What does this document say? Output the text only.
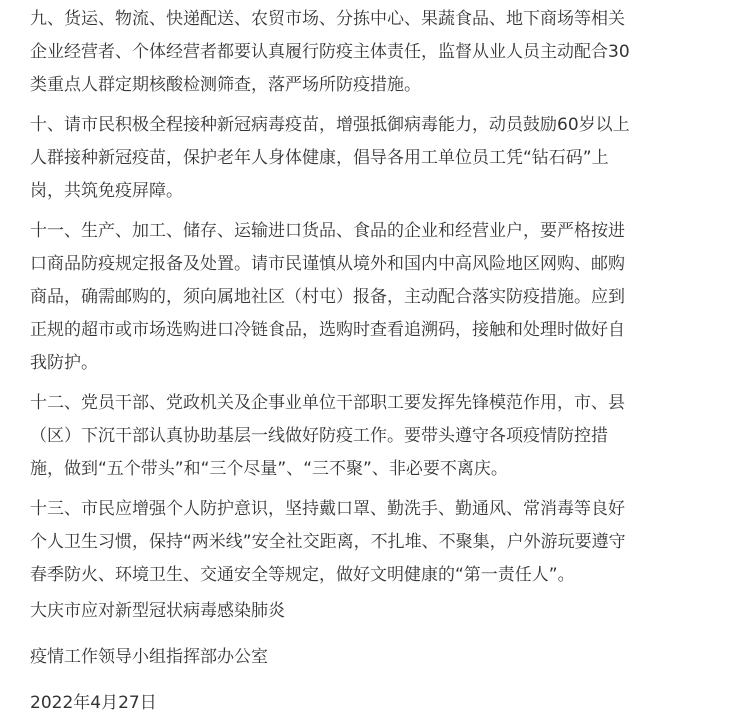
九、货运、物流、快递配送、农贸市场、分拣中心、果蔬食品、地下商场等相关企业经营者、个体经营者都要认真履行防疫主体责任，监督从业人员主动配合30类重点人群定期核酸检测筛查，落严场所防疫措施。

十、请市民积极全程接种新冠病毒疫苗，增强抵御病毒能力，动员鼓励60岁以上人群接种新冠疫苗，保护老年人身体健康，倡导各用工单位员工凭“钻石码”上岗，共筑免疫屏障。

十一、生产、加工、储存、运输进口货品、食品的企业和经营业户，要严格按进口商品防疫规定报备及处置。请市民谨慎从境外和国内中高风险地区网购、邮购商品，确需邮购的，须向属地社区（村屯）报备，主动配合落实防疫措施。应到正规的超市或市场选购进口冷链食品，选购时查看追溯码，接触和处理时做好自我防护。

十二、党员干部、党政机关及企事业单位干部职工要发挥先锋模范作用，市、县（区）下沉干部认真协助基层一线做好防疫工作。要带头遵守各项疫情防控措施，做到“五个带头”和“三个尽量”、“三不聚”、非必要不离庆。

十三、市民应增强个人防护意识，坚持戴口罩、勤洗手、勤通风、常消毒等良好个人卫生习惯，保持“两米线”安全社交距离，不扎堆、不聚集，户外游玩要遵守春季防火、环境卫生、交通安全等规定，做好文明健康的“第一责任人”。

大庆市应对新型冠状病毒感染肺炎

疫情工作领导小组指挥部办公室

2022年4月27日
